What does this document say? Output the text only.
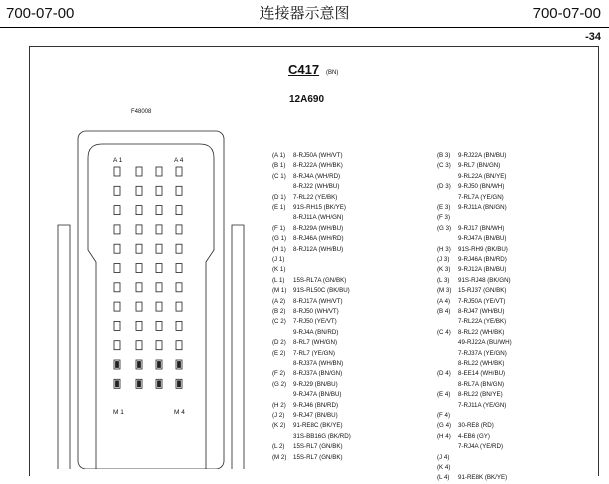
700-07-00	连接器示意图	700-07-00
-34
C417 (BN)
12A690
F48008
A 1	A 4
M 1	M 4
(A 1) 8-RJ50A (WH/VT)
(B 1) 8-RJ22A (WH/BK)
(C 1) 8-RJ4A (WH/RD)
8-RJ22 (WH/BU)
(D 1) 7-RL22 (YE/BK)
(E 1) 91S-RH15 (BK/YE)
8-RJ11A (WH/GN)
(F 1) 8-RJ29A (WH/BU)
(G 1) 8-RJ46A (WH/RD)
(H 1) 8-RJ12A (WH/BU)
(J 1)
(K 1)
(L 1) 15S-RL7A (GN/BK)
(M 1) 91S-RL50C (BK/BU)
(A 2) 8-RJ17A (WH/VT)
(B 2) 8-RJ50 (WH/VT)
(C 2) 7-RJ50 (YE/VT)
9-RJ4A (BN/RD)
(D 2) 8-RL7 (WH/GN)
(E 2) 7-RL7 (YE/GN)
8-RJ37A (WH/BN)
(F 2) 8-RJ37A (BN/GN)
(G 2) 9-RJ29 (BN/BU)
9-RJ47A (BN/BU)
(H 2) 9-RJ46 (BN/RD)
(J 2) 9-RJ47 (BN/BU)
(K 2) 91-RE8C (BK/YE)
31S-BB16G (BK/RD)
(L 2) 15S-RL7 (GN/BK)
(M 2) 15S-RL7 (GN/BK)
(B 3) 9-RJ22A (BN/BU)
(C 3) 9-RL7 (BN/GN)
9-RL22A (BN/YE)
(D 3) 9-RJ50 (BN/WH)
7-RL7A (YE/GN)
(E 3) 9-RJ11A (BN/GN)
(F 3)
(G 3) 9-RJ17 (BN/WH)
9-RJ47A (BN/BU)
(H 3) 91S-RH9 (BK/BU)
(J 3) 9-RJ46A (BN/RD)
(K 3) 9-RJ12A (BN/BU)
(L 3) 91S-RJ48 (BK/GN)
(M 3) 15-RJ37 (GN/BK)
(A 4) 7-RJ50A (YE/VT)
(B 4) 8-RJ47 (WH/BU)
7-RL22A (YE/BK)
(C 4) 8-RL22 (WH/BK)
49-RJ22A (BU/WH)
7-RJ37A (YE/GN)
8-RL22 (WH/BK)
(D 4) 8-EE14 (WH/BU)
8-RL7A (BN/GN)
(E 4) 8-RL22 (BN/YE)
7-RJ11A (YE/GN)
(F 4)
(G 4) 30-RE8 (RD)
(H 4) 4-EB6 (GY)
7-RJ4A (YE/RD)
(J 4)
(K 4)
(L 4) 91-RE8K (BK/YE)
